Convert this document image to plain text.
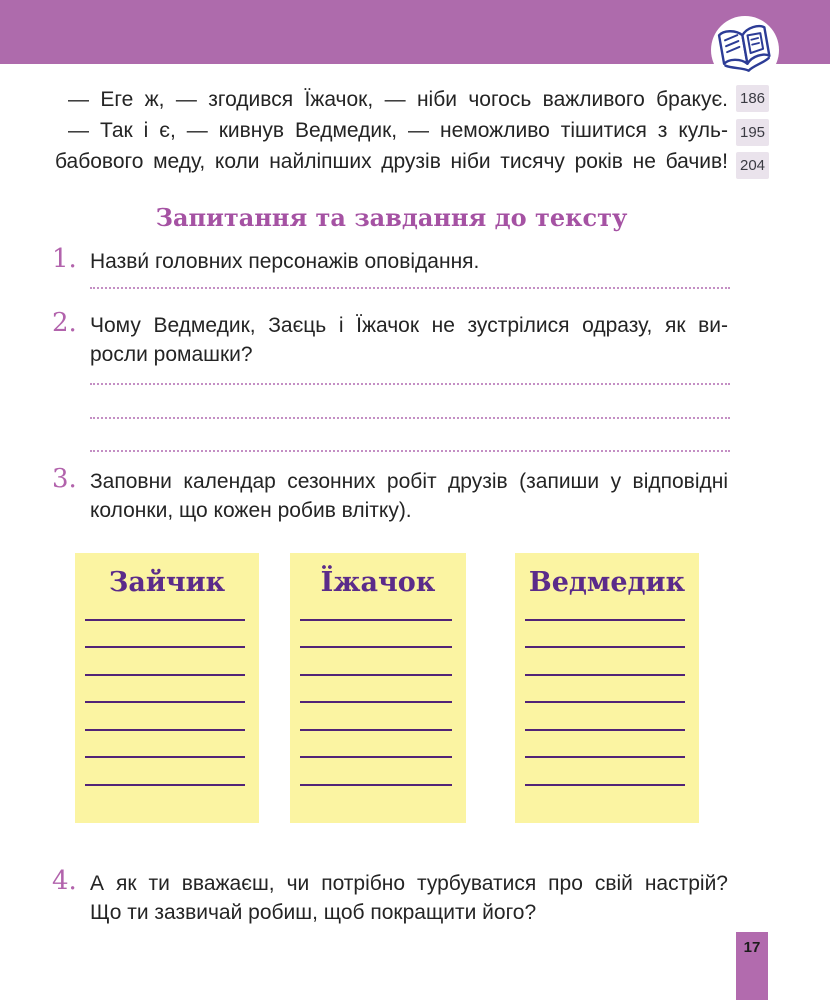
— Еге ж, — згодився Їжачок, — ніби чогось важливого бракує.
— Так і є, — кивнув Ведмедик, — неможливо тішитися з куль-
бабового меду, коли найліпших друзів ніби тисячу років не бачив!
186
195
204
Запитання та завдання до тексту
1. Назви́ головних персонажів оповідання.
2. Чому Ведмедик, Заєць і Їжачок не зустрілися одразу, як ви-
росли ромашки?
3. Заповни календар сезонних робіт друзів (запиши у відповідні
колонки, що кожен робив влітку).
Зайчик	Їжачок	Ведмедик
4. А як ти вважаєш, чи потрібно турбуватися про свій настрій?
Що ти зазвичай робиш, щоб покращити його?
17
